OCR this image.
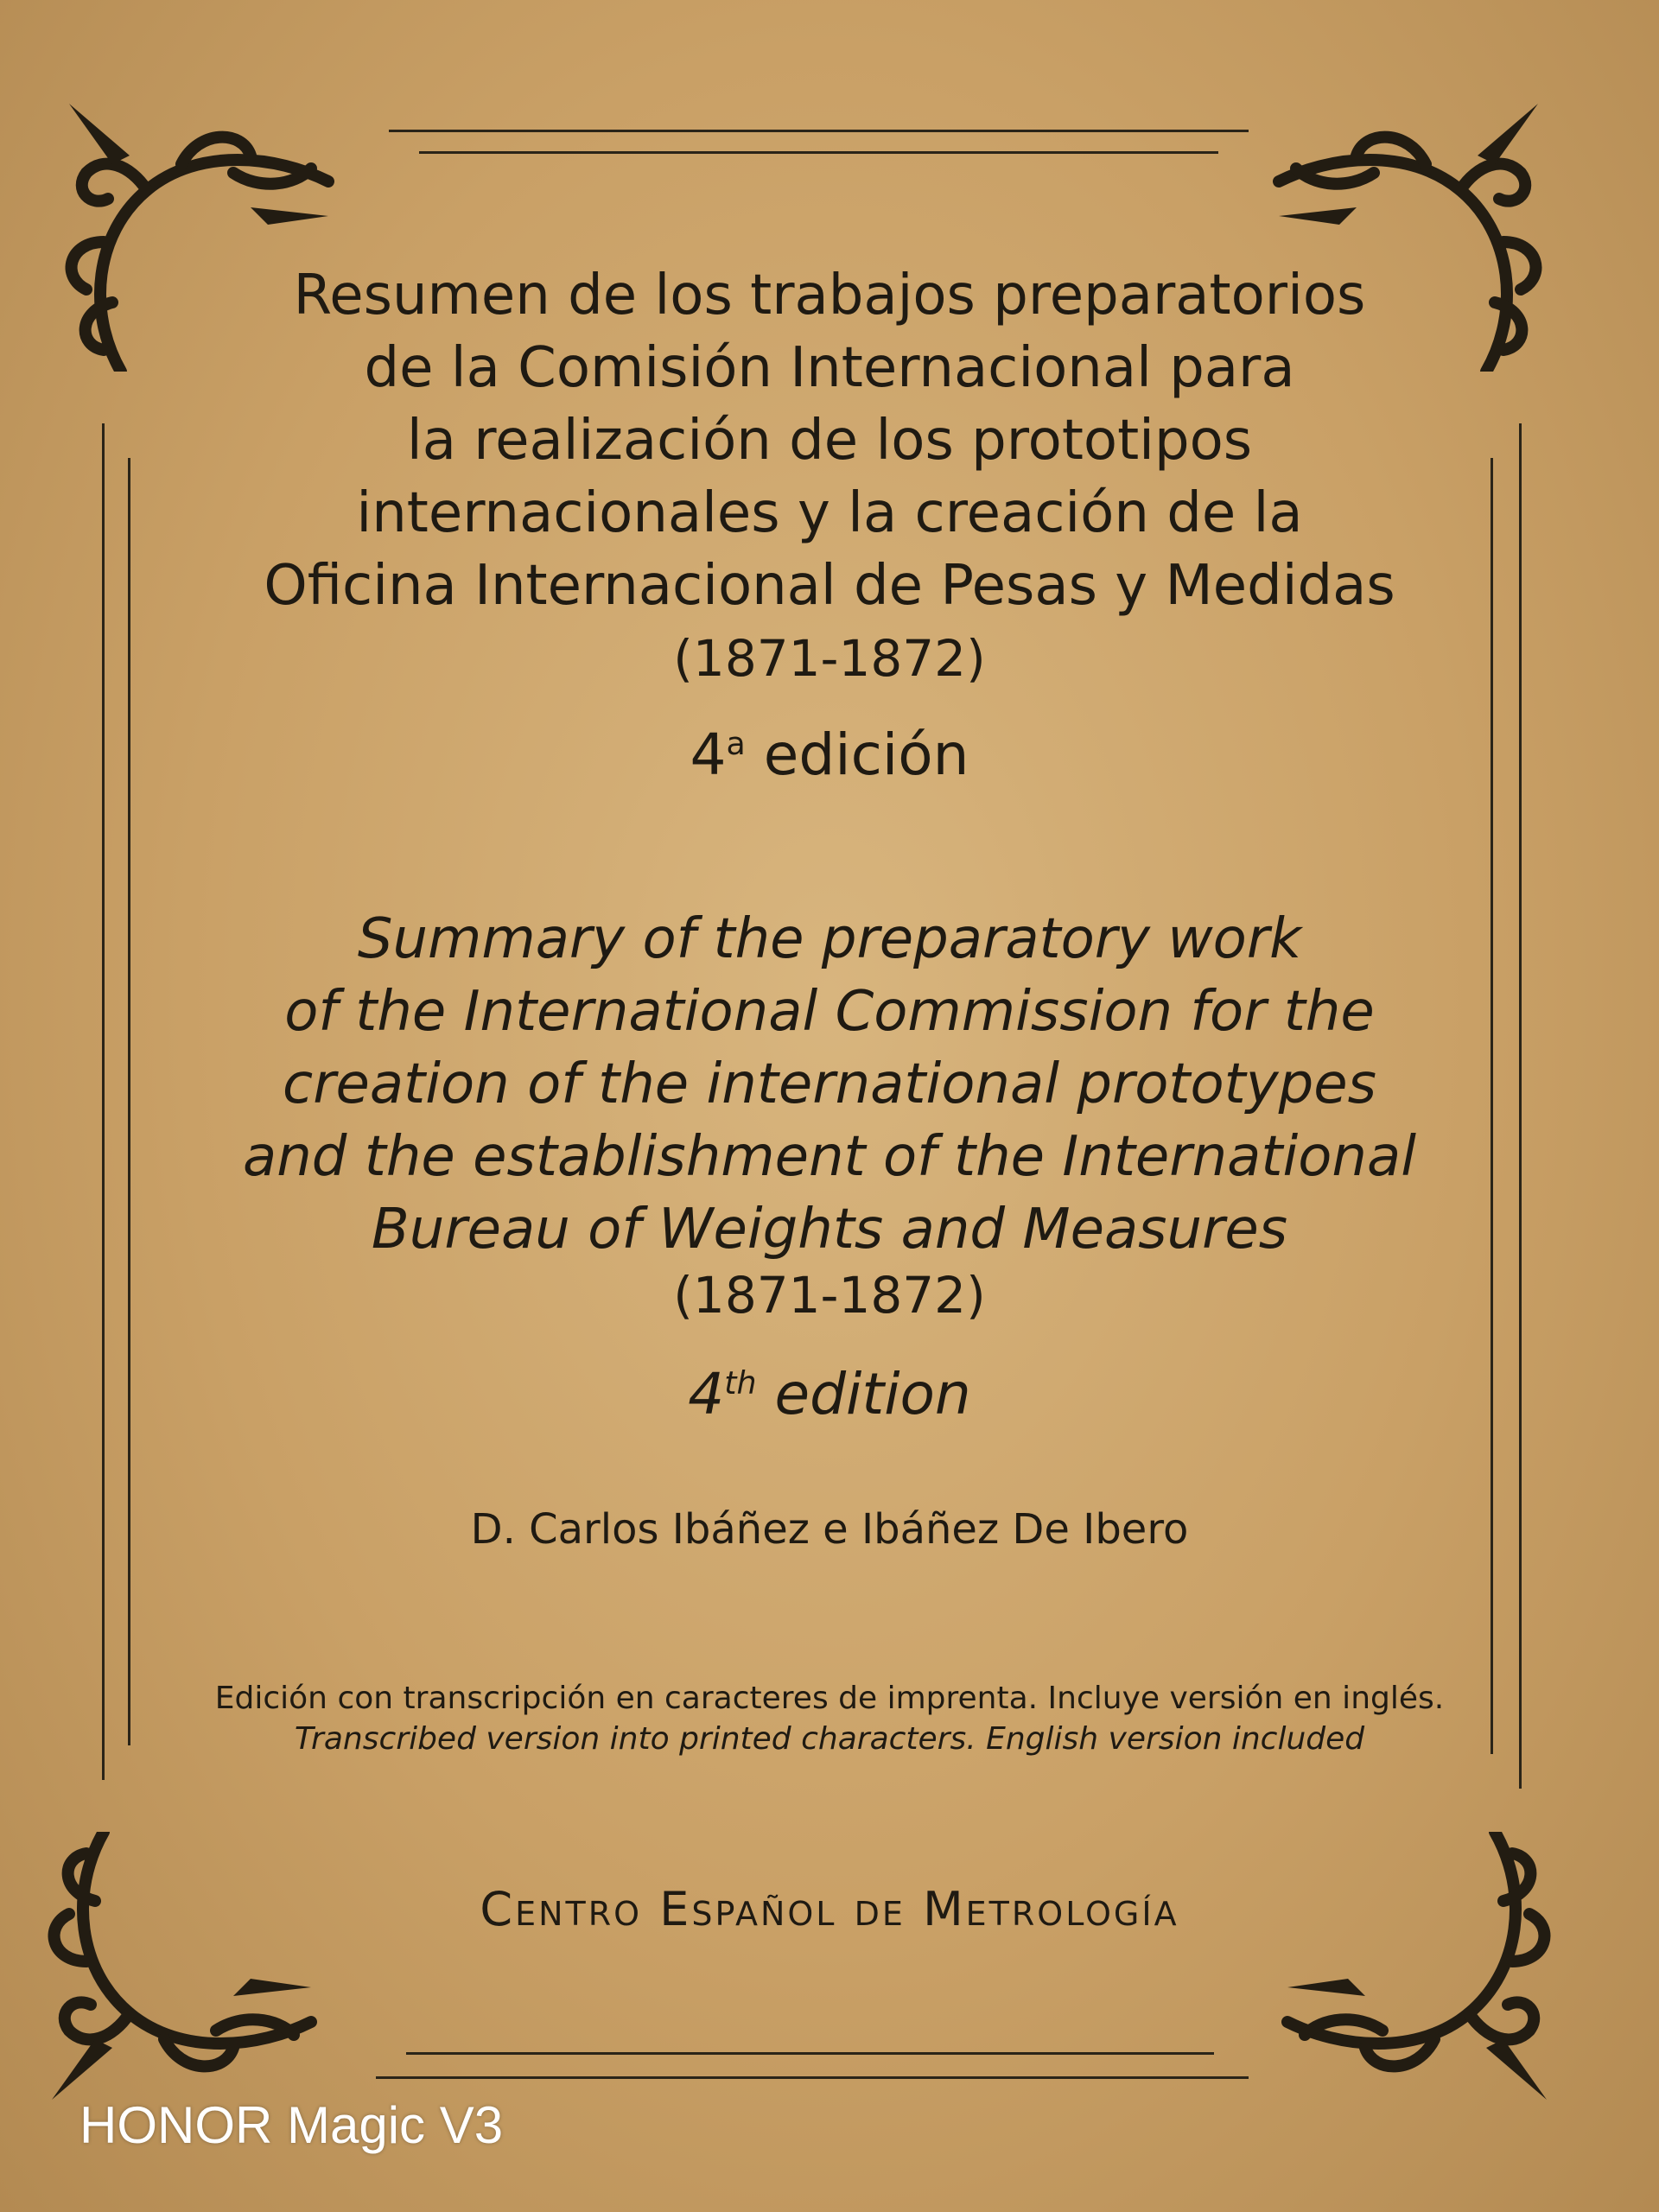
Resumen de los trabajos preparatorios
de la Comisión Internacional para
la realización de los prototipos
internacionales y la creación de la
Oficina Internacional de Pesas y Medidas
(1871-1872)
4$^a$ edición
Summary of the preparatory work
of the International Commission for the
creation of the international prototypes
and the establishment of the International
Bureau of Weights and Measures
(1871-1872)
4th edition
D. Carlos Ibáñez e Ibáñez De Ibero
Edición con transcripción en caracteres de imprenta. Incluye versión en inglés.
Transcribed version into printed characters. English version included
Centro Español de Metrología
HONOR Magic V3
